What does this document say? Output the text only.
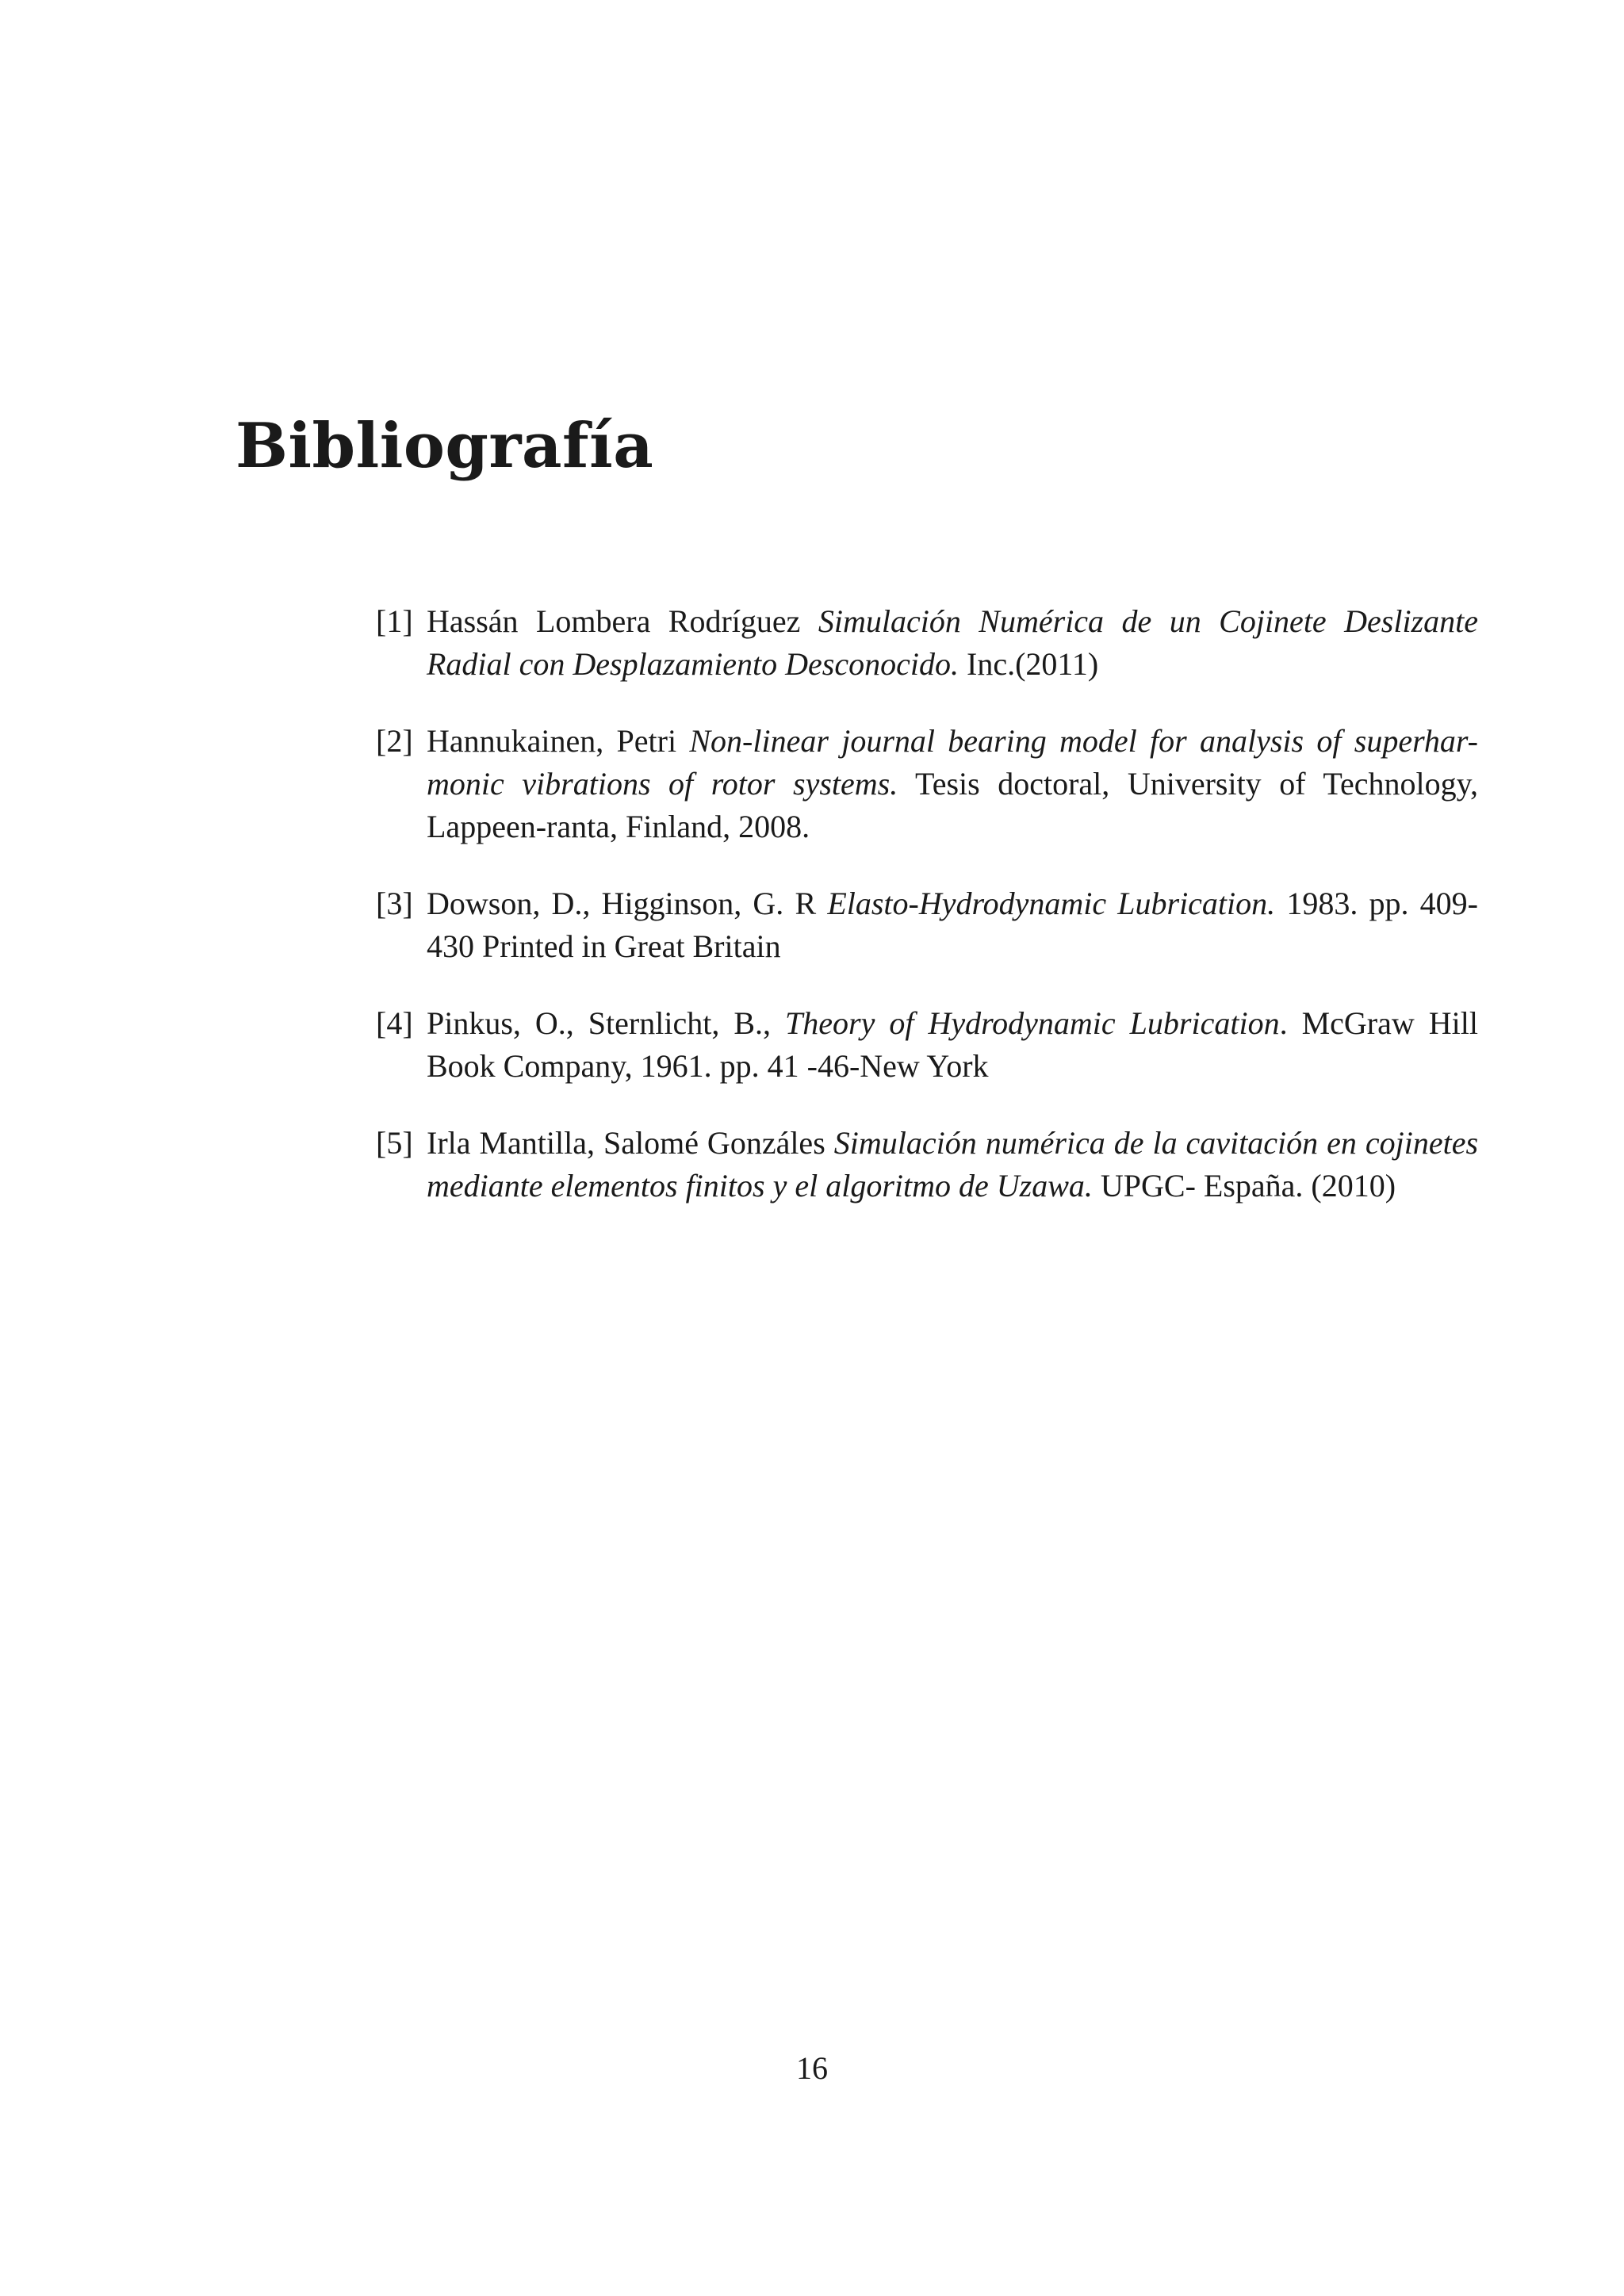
Bibliografía
[1] Hassán Lombera Rodríguez Simulación Numérica de un Cojinete Deslizante Radial con Desplazamiento Desconocido. Inc.(2011)
[2] Hannukainen, Petri Non-linear journal bearing model for analysis of superhar-monic vibrations of rotor systems. Tesis doctoral, University of Technology, Lappeen-ranta, Finland, 2008.
[3] Dowson, D., Higginson, G. R Elasto-Hydrodynamic Lubrication. 1983. pp. 409-430 Printed in Great Britain
[4] Pinkus, O., Sternlicht, B., Theory of Hydrodynamic Lubrication. McGraw Hill Book Company, 1961. pp. 41 -46-New York
[5] Irla Mantilla, Salomé Gonzáles Simulación numérica de la cavitación en cojinetes mediante elementos finitos y el algoritmo de Uzawa. UPGC- España. (2010)
16
